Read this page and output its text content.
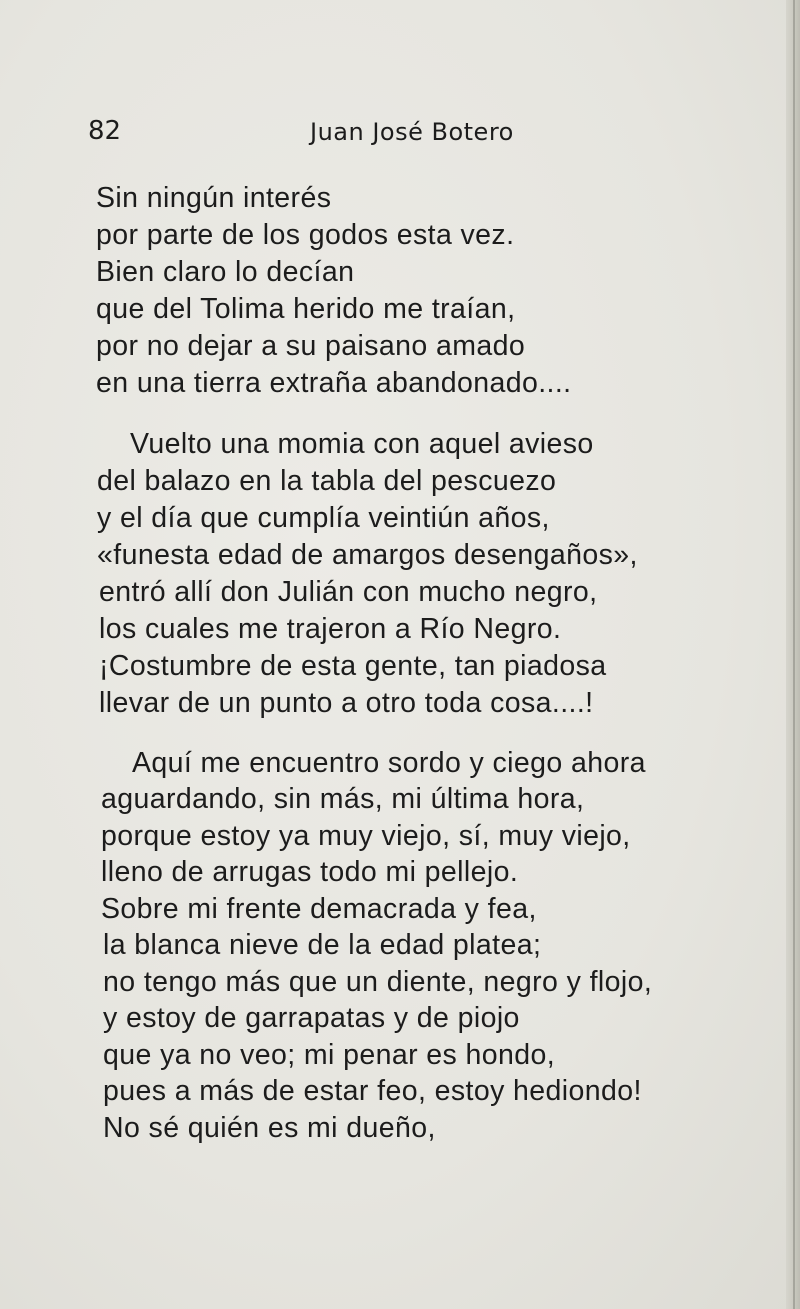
82	Juan José Botero
Sin ningún interés
por parte de los godos esta vez.
Bien claro lo decían
que del Tolima herido me traían,
por no dejar a su paisano amado
en una tierra extraña abandonado....
Vuelto una momia con aquel avieso
del balazo en la tabla del pescuezo
y el día que cumplía veintiún años,
«funesta edad de amargos desengaños»,
entró allí don Julián con mucho negro,
los cuales me trajeron a Río Negro.
¡Costumbre de esta gente, tan piadosa
llevar de un punto a otro toda cosa....!
Aquí me encuentro sordo y ciego ahora
aguardando, sin más, mi última hora,
porque estoy ya muy viejo, sí, muy viejo,
lleno de arrugas todo mi pellejo.
Sobre mi frente demacrada y fea,
la blanca nieve de la edad platea;
no tengo más que un diente, negro y flojo,
y estoy de garrapatas y de piojo
que ya no veo; mi penar es hondo,
pues a más de estar feo, estoy hediondo!
No sé quién es mi dueño,
